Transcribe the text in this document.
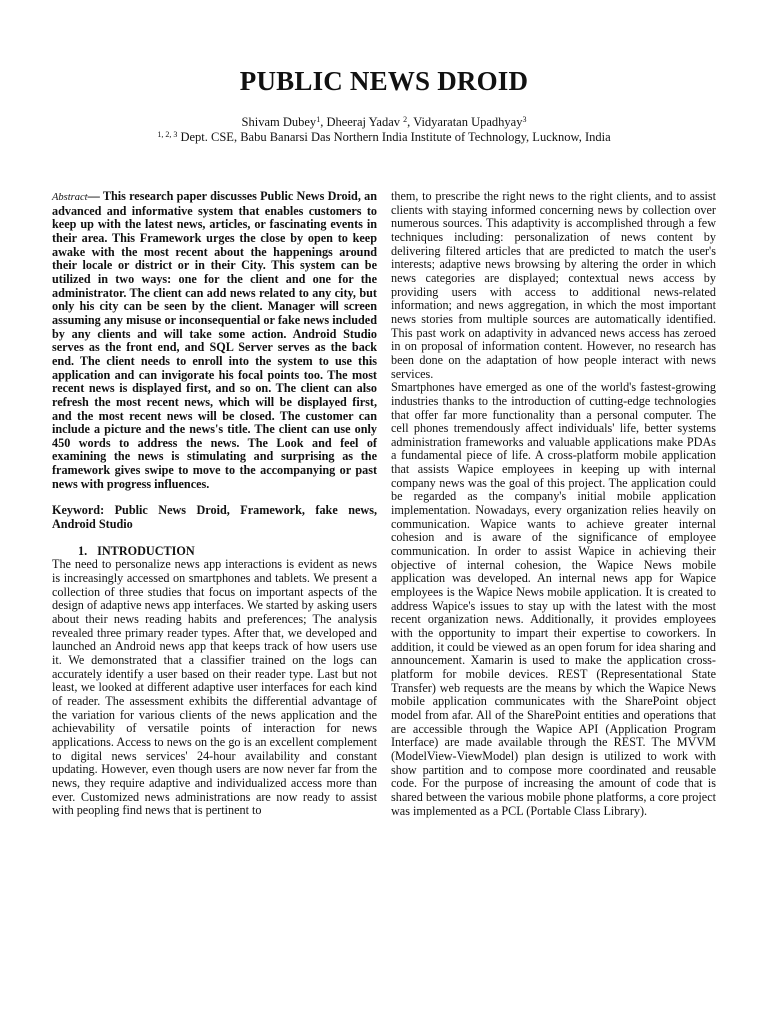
PUBLIC NEWS DROID
Shivam Dubey$^1$, Dheeraj Yadav $^2$, Vidyaratan Upadhyay$^3$
$^{1, 2, 3}$ Dept. CSE, Babu Banarsi Das Northern India Institute of Technology, Lucknow, India

Abstract— This research paper discusses Public News Droid, an advanced and informative system that enables customers to keep up with the latest news, articles, or fascinating events in their area. This Framework urges the close by open to keep awake with the most recent about the happenings around their locale or district or in their City. This system can be utilized in two ways: one for the client and one for the administrator. The client can add news related to any city, but only his city can be seen by the client. Manager will screen assuming any misuse or inconsequential or fake news included by any clients and will take some action. Android Studio serves as the front end, and SQL Server serves as the back end. The client needs to enroll into the system to use this application and can invigorate his focal points too. The most recent news is displayed first, and so on. The client can also refresh the most recent news, which will be displayed first, and the most recent news will be closed. The customer can include a picture and the news's title. The client can use only 450 words to address the news. The Look and feel of examining the news is stimulating and surprising as the framework gives swipe to move to the accompanying or past news with progress influences.

Keyword: Public News Droid, Framework, fake news, Android Studio

1. INTRODUCTION

The need to personalize news app interactions is evident as news is increasingly accessed on smartphones and tablets. We present a collection of three studies that focus on important aspects of the design of adaptive news app interfaces. We started by asking users about their news reading habits and preferences; The analysis revealed three primary reader types. After that, we developed and launched an Android news app that keeps track of how users use it. We demonstrated that a classifier trained on the logs can accurately identify a user based on their reader type. Last but not least, we looked at different adaptive user interfaces for each kind of reader. The assessment exhibits the differential advantage of the variation for various clients of the news application and the achievability of versatile points of interaction for news applications. Access to news on the go is an excellent complement to digital news services' 24-hour availability and constant updating. However, even though users are now never far from the news, they require adaptive and individualized access more than ever. Customized news administrations are now ready to assist with peopling find news that is pertinent to

them, to prescribe the right news to the right clients, and to assist clients with staying informed concerning news by collection over numerous sources. This adaptivity is accomplished through a few techniques including: personalization of news content by delivering filtered articles that are predicted to match the user's interests; adaptive news browsing by altering the order in which news categories are displayed; contextual news access by providing users with access to additional news-related information; and news aggregation, in which the most important news stories from multiple sources are automatically identified. This past work on adaptivity in advanced news access has zeroed in on proposal of information content. However, no research has been done on the adaptation of how people interact with news services.

Smartphones have emerged as one of the world's fastest-growing industries thanks to the introduction of cutting-edge technologies that offer far more functionality than a personal computer. The cell phones tremendously affect individuals' life, better systems administration frameworks and valuable applications make PDAs a fundamental piece of life. A cross-platform mobile application that assists Wapice employees in keeping up with internal company news was the goal of this project. The application could be regarded as the company's initial mobile application implementation. Nowadays, every organization relies heavily on communication. Wapice wants to achieve greater internal cohesion and is aware of the significance of employee communication. In order to assist Wapice in achieving their objective of internal cohesion, the Wapice News mobile application was developed. An internal news app for Wapice employees is the Wapice News mobile application. It is created to address Wapice's issues to stay up with the latest with the most recent organization news. Additionally, it provides employees with the opportunity to impart their expertise to coworkers. In addition, it could be viewed as an open forum for idea sharing and announcement. Xamarin is used to make the application cross-platform for mobile devices. REST (Representational State Transfer) web requests are the means by which the Wapice News mobile application communicates with the SharePoint object model from afar. All of the SharePoint entities and operations that are accessible through the Wapice API (Application Program Interface) are made available through the REST. The MVVM (ModelView-ViewModel) plan design is utilized to work with show partition and to compose more coordinated and reusable code. For the purpose of increasing the amount of code that is shared between the various mobile phone platforms, a core project was implemented as a PCL (Portable Class Library).
